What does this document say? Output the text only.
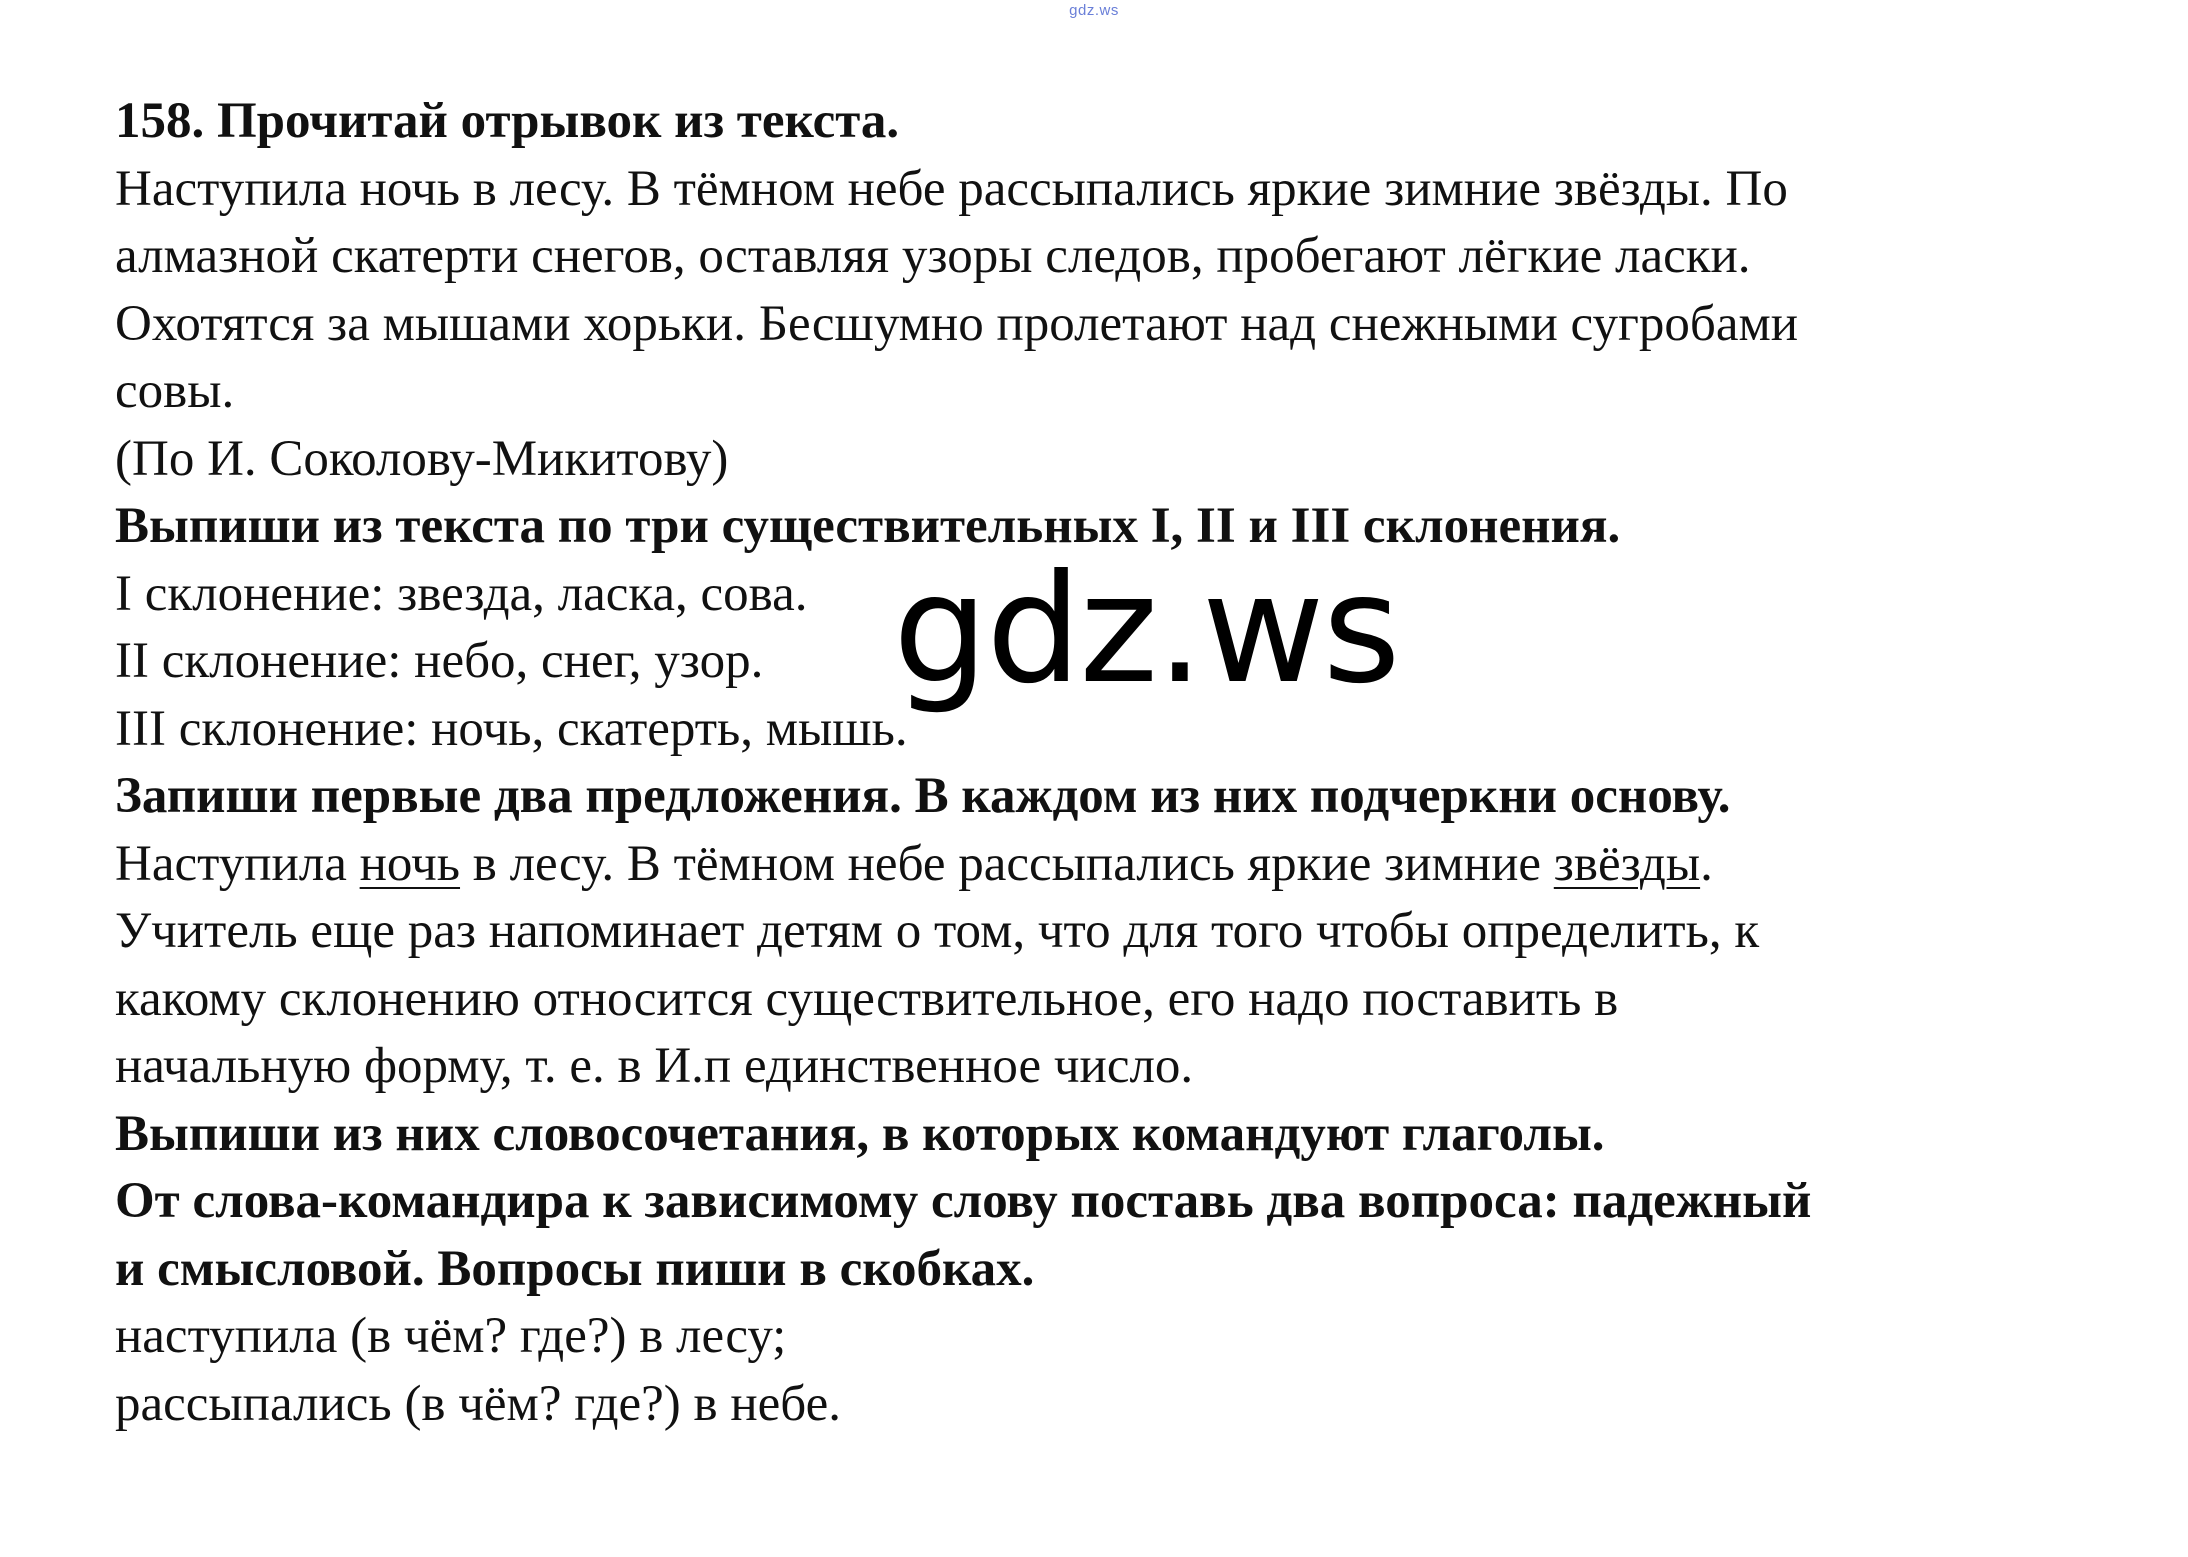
gdz.ws
158. Прочитай отрывок из текста.
Наступила ночь в лесу. В тёмном небе рассыпались яркие зимние звёзды. По
алмазной скатерти снегов, оставляя узоры следов, пробегают лёгкие ласки.
Охотятся за мышами хорьки. Бесшумно пролетают над снежными сугробами
совы.
(По И. Соколову-Микитову)
Выпиши из текста по три существительных I, II и III склонения.
I склонение: звезда, ласка, сова.
II склонение: небо, снег, узор.
III склонение: ночь, скатерть, мышь.
Запиши первые два предложения. В каждом из них подчеркни основу.
Наступила ночь в лесу. В тёмном небе рассыпались яркие зимние звёзды.
Учитель еще раз напоминает детям о том, что для того чтобы определить, к
какому склонению относится существительное, его надо поставить в
начальную форму, т. е. в И.п единственное число.
Выпиши из них словосочетания, в которых командуют глаголы.
От слова-командира к зависимому слову поставь два вопроса: падежный
и смысловой. Вопросы пиши в скобках.
наступила (в чём? где?) в лесу;
рассыпались (в чём? где?) в небе.
gdz.ws
